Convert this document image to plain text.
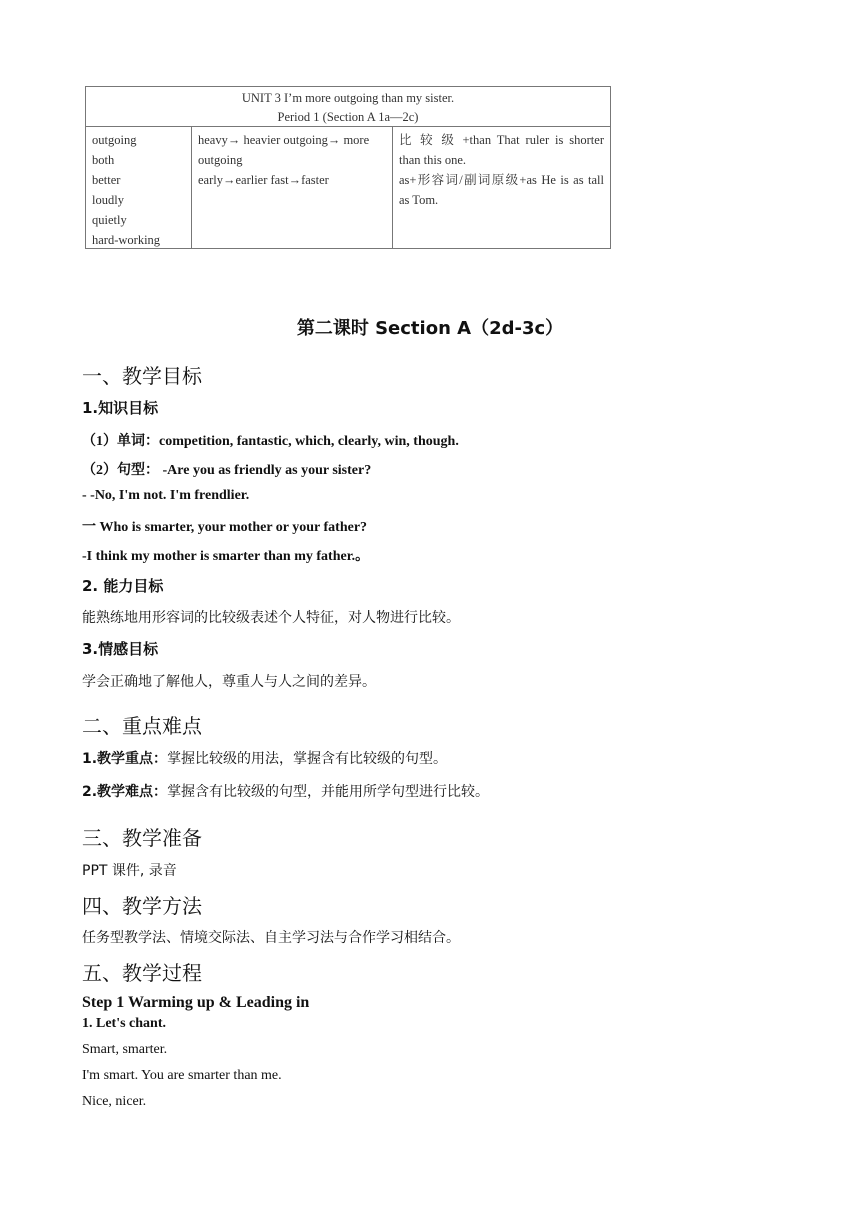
UNIT 3 I’m more outgoing than my sister.
Period 1 (Section A 1a—2c)
outgoing
both
better
loudly
quietly
hard-working
heavy→ heavier outgoing→ more
outgoing
early→earlier fast→faster
比 较 级 +than That ruler is shorter
than this one.
as+形容词/副词原级+as He is as tall
as Tom.
第二课时 Section A（2d-3c）
一、教学目标
1.知识目标
（1）单词：competition, fantastic, which, clearly, win, though.
（2）句型： -Are you as friendly as your sister?
- -No, I'm not. I'm frendlier.
一 Who is smarter, your mother or your father?
-I think my mother is smarter than my father.。
2. 能力目标
能熟练地用形容词的比较级表述个人特征，对人物进行比较。
3.情感目标
学会正确地了解他人，尊重人与人之间的差异。
二、重点难点
1.教学重点：掌握比较级的用法，掌握含有比较级的句型。
2.教学难点：掌握含有比较级的句型，并能用所学句型进行比较。
三、教学准备
PPT 课件, 录音
四、教学方法
任务型教学法、情境交际法、自主学习法与合作学习相结合。
五、教学过程
Step 1 Warming up & Leading in
1. Let's chant.
Smart, smarter.
I'm smart. You are smarter than me.
Nice, nicer.
